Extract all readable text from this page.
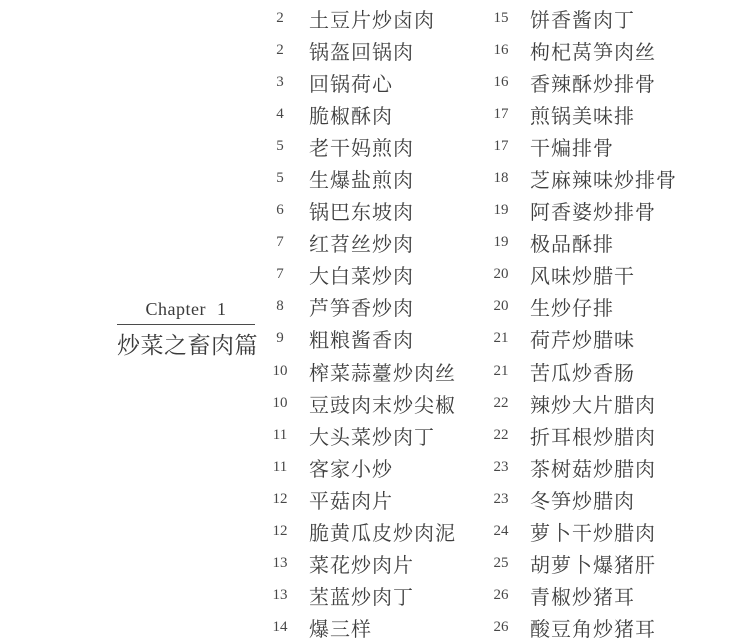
Chapter 1
炒菜之畜肉篇
2	土豆片炒卤肉
2	锅盔回锅肉
3	回锅荷心
4	脆椒酥肉
5	老干妈煎肉
5	生爆盐煎肉
6	锅巴东坡肉
7	红苕丝炒肉
7	大白菜炒肉
8	芦笋香炒肉
9	粗粮酱香肉
10	榨菜蒜薹炒肉丝
10	豆豉肉末炒尖椒
11	大头菜炒肉丁
11	客家小炒
12	平菇肉片
12	脆黄瓜皮炒肉泥
13	菜花炒肉片
13	苤蓝炒肉丁
14	爆三样
15	饼香酱肉丁
16	枸杞莴笋肉丝
16	香辣酥炒排骨
17	煎锅美味排
17	干煸排骨
18	芝麻辣味炒排骨
19	阿香婆炒排骨
19	极品酥排
20	风味炒腊干
20	生炒仔排
21	荷芹炒腊味
21	苦瓜炒香肠
22	辣炒大片腊肉
22	折耳根炒腊肉
23	茶树菇炒腊肉
23	冬笋炒腊肉
24	萝卜干炒腊肉
25	胡萝卜爆猪肝
26	青椒炒猪耳
26	酸豆角炒猪耳
